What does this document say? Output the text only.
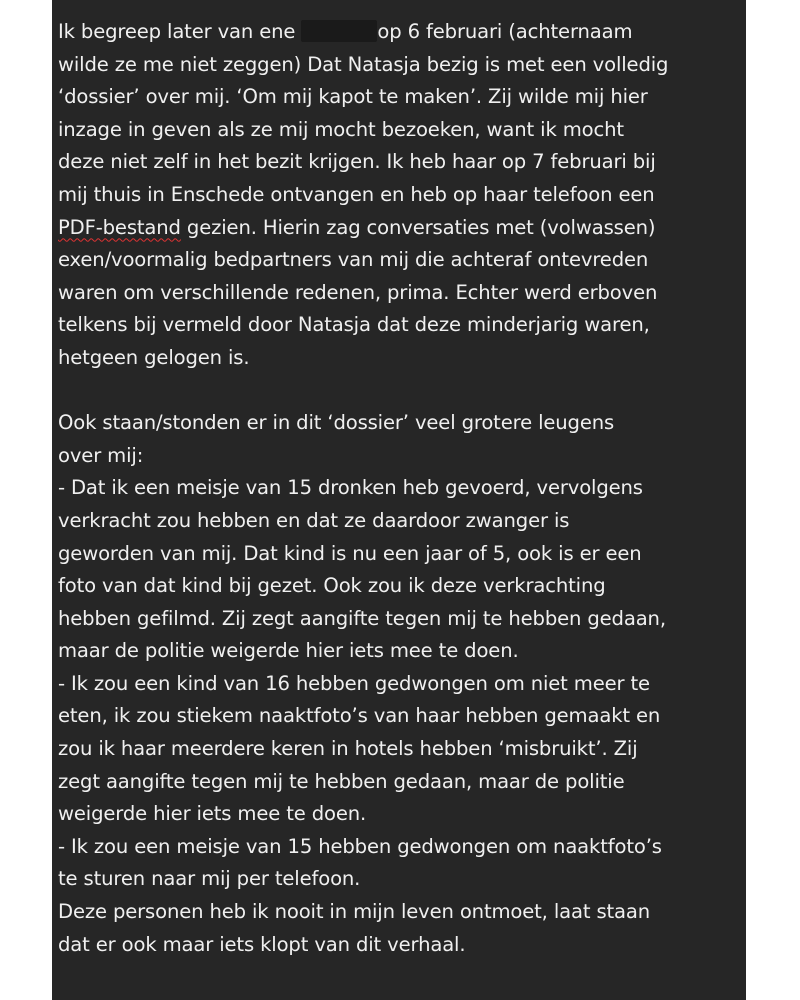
Ik begreep later van ene	op 6 februari (achternaam
wilde ze me niet zeggen) Dat Natasja bezig is met een volledig
‘dossier’ over mij. ‘Om mij kapot te maken’. Zij wilde mij hier
inzage in geven als ze mij mocht bezoeken, want ik mocht
deze niet zelf in het bezit krijgen. Ik heb haar op 7 februari bij
mij thuis in Enschede ontvangen en heb op haar telefoon een
PDF-bestand gezien. Hierin zag conversaties met (volwassen)
exen/voormalig bedpartners van mij die achteraf ontevreden
waren om verschillende redenen, prima. Echter werd erboven
telkens bij vermeld door Natasja dat deze minderjarig waren,
hetgeen gelogen is.
Ook staan/stonden er in dit ‘dossier’ veel grotere leugens
over mij:
- Dat ik een meisje van 15 dronken heb gevoerd, vervolgens
verkracht zou hebben en dat ze daardoor zwanger is
geworden van mij. Dat kind is nu een jaar of 5, ook is er een
foto van dat kind bij gezet. Ook zou ik deze verkrachting
hebben gefilmd. Zij zegt aangifte tegen mij te hebben gedaan,
maar de politie weigerde hier iets mee te doen.
- Ik zou een kind van 16 hebben gedwongen om niet meer te
eten, ik zou stiekem naaktfoto’s van haar hebben gemaakt en
zou ik haar meerdere keren in hotels hebben ‘misbruikt’. Zij
zegt aangifte tegen mij te hebben gedaan, maar de politie
weigerde hier iets mee te doen.
- Ik zou een meisje van 15 hebben gedwongen om naaktfoto’s
te sturen naar mij per telefoon.
Deze personen heb ik nooit in mijn leven ontmoet, laat staan
dat er ook maar iets klopt van dit verhaal.
